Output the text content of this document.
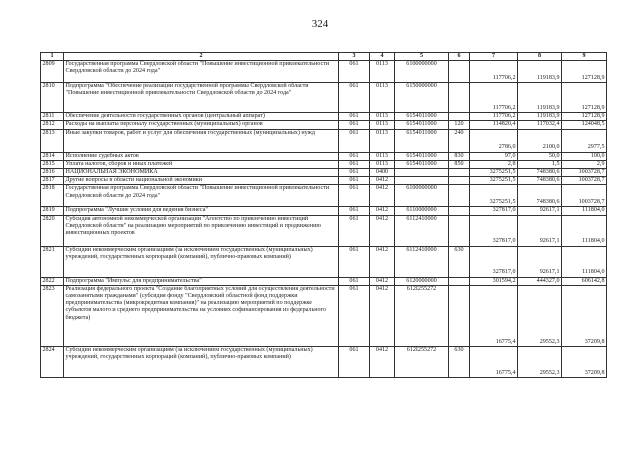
324
1	2	3	4	5	6	7	8	9
2809	Государственная программа Свердловской области "Повышение инвестиционной привлекательности Свердловской области до 2024 года"	061	0113	6100000000		117706,2	119183,9	127128,9
2810	Подпрограмма "Обеспечение реализации государственной программы Свердловской области "Повышение инвестиционной привлекательности Свердловской области до 2024 года"	061	0113	6150000000		117706,2	119183,9	127128,9
2811	Обеспечение деятельности государственных органов (центральный аппарат)	061	0113	6154011000		117706,2	119183,9	127128,9
2812	Расходы на выплаты персоналу государственных (муниципальных) органов	061	0113	6154011000	120	114820,4	117032,4	124048,5
2813	Иные закупки товаров, работ и услуг для обеспечения государственных (муниципальных) нужд	061	0113	6154011000	240	2786,0	2100,0	2977,5
2814	Исполнение судебных актов	061	0113	6154011000	830	97,0	50,0	100,0
2815	Уплата налогов, сборов и иных платежей	061	0113	6154011000	850	2,8	1,5	2,9
2816	НАЦИОНАЛЬНАЯ ЭКОНОМИКА	061	0400			3275251,5	748380,6	1003728,7
2817	Другие вопросы в области национальной экономики	061	0412			3275251,5	748380,6	1003728,7
2818	Государственная программа Свердловской области "Повышение инвестиционной привлекательности Свердловской области до 2024 года"	061	0412	6100000000		3275251,5	748380,6	1003728,7
2819	Подпрограмма "Лучшие условия для ведения бизнеса"	061	0412	6110000000		327817,0	92617,1	111804,0
2820	Субсидия автономной некоммерческой организации "Агентство по привлечению инвестиций Свердловской области" на реализацию мероприятий по привлечению инвестиций и продвижению инвестиционных проектов	061	0412	6112410000		327817,0	92617,1	111804,0
2821	Субсидии некоммерческим организациям (за исключением государственных (муниципальных) учреждений, государственных корпораций (компаний), публично-правовых компаний)	061	0412	6112410000	630	327817,0	92617,1	111804,0
2822	Подпрограмма "Импульс для предпринимательства"	061	0412	6120000000		301594,2	444327,0	606142,8
2823	Реализация федерального проекта "Создание благоприятных условий для осуществления деятельности самозанятыми гражданами" (субсидия фонду "Свердловский областной фонд поддержки предпринимательства (микрокредитная компания)" на реализацию мероприятий по поддержке субъектов малого и среднего предпринимательства на условиях софинансирования из федерального бюджета)	061	0412	612I255272		16775,4	29552,3	37209,8
2824	Субсидии некоммерческим организациям (за исключением государственных (муниципальных) учреждений, государственных корпораций (компаний), публично-правовых компаний)	061	0412	612I255272	630	16775,4	29552,3	37209,8
